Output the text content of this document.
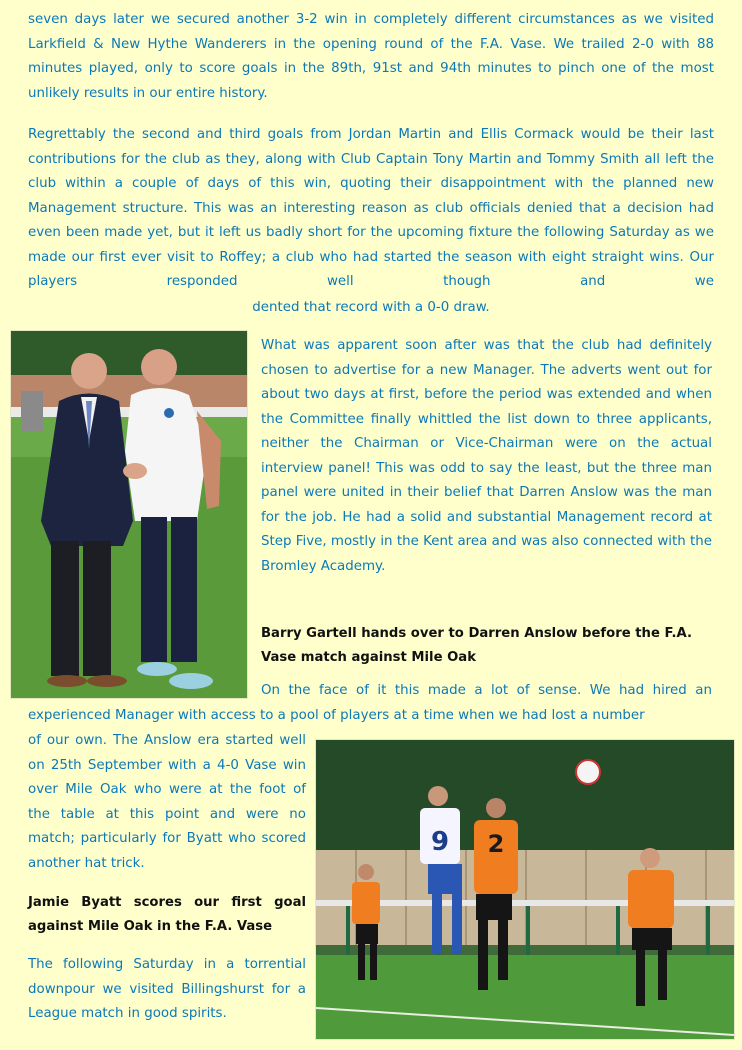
seven days later we secured another 3-2 win in completely different circumstances as we visited Larkfield & New Hythe Wanderers in the opening round of the F.A. Vase. We trailed 2-0 with 88 minutes played, only to score goals in the 89th, 91st and 94th minutes to pinch one of the most unlikely results in our entire history.

Regrettably the second and third goals from Jordan Martin and Ellis Cormack would be their last contributions for the club as they, along with Club Captain Tony Martin and Tommy Smith all left the club within a couple of days of this win, quoting their disappointment with the planned new Management structure. This was an interesting reason as club officials denied that a decision had even been made yet, but it left us badly short for the upcoming fixture the following Saturday as we made our first ever visit to Roffey; a club who had started the season with eight straight wins. Our players responded well though and we

dented that record with a 0-0 draw.

What was apparent soon after was that the club had definitely chosen to advertise for a new Manager. The adverts went out for about two days at first, before the period was extended and when the Committee finally whittled the list down to three applicants, neither the Chairman or Vice-Chairman were on the actual interview panel! This was odd to say the least, but the three man panel were united in their belief that Darren Anslow was the man for the job. He had a solid and substantial Management record at Step Five, mostly in the Kent area and was also connected with the Bromley Academy.

Barry Gartell hands over to Darren Anslow before the F.A. Vase match against Mile Oak

On the face of it this made a lot of sense. We had hired an

experienced Manager with access to a pool of players at a time when we had lost a number

of our own. The Anslow era started well on 25th September with a 4-0 Vase win over Mile Oak who were at the foot of the table at this point and were no match; particularly for Byatt who scored another hat trick.

Jamie Byatt scores our first goal against Mile Oak in the F.A. Vase

The following Saturday in a torrential downpour we visited Billingshurst for a League match in good spirits.

9 2
